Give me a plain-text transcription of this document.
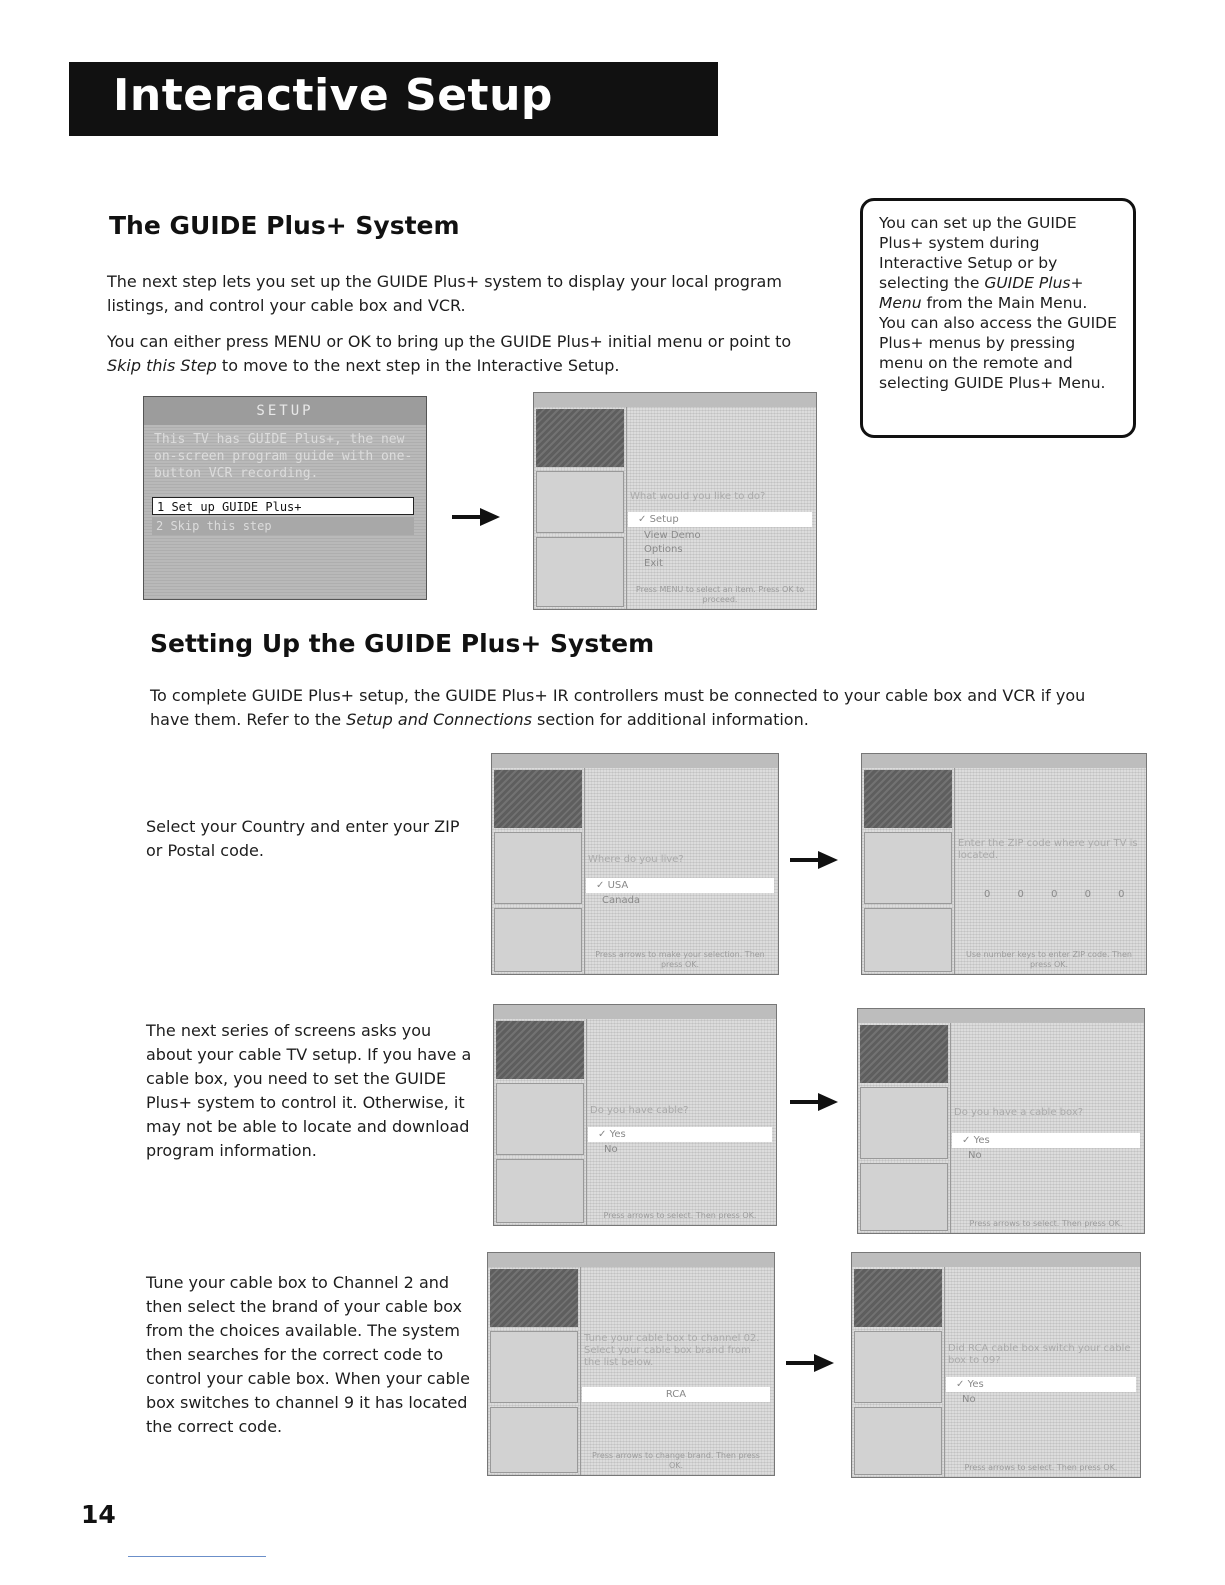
Interactive Setup
The GUIDE Plus+ System

The next step lets you set up the GUIDE Plus+ system to display your local program listings, and control your cable box and VCR.

You can either press MENU or OK to bring up the GUIDE Plus+ initial menu or point to Skip this Step to move to the next step in the Interactive Setup.

You can set up the GUIDE Plus+ system during Interactive Setup or by selecting the GUIDE Plus+ Menu from the Main Menu. You can also access the GUIDE Plus+ menus by pressing menu on the remote and selecting GUIDE Plus+ Menu.

SETUP
This TV has GUIDE Plus+, the new on-screen program guide with one-button VCR recording.
1 Set up GUIDE Plus+
2 Skip this step
What would you like to do?
✓ Setup
View Demo
Options
Exit
Press MENU to select an item. Press OK to proceed.
Setting Up the GUIDE Plus+ System

To complete GUIDE Plus+ setup, the GUIDE Plus+ IR controllers must be connected to your cable box and VCR if you have them. Refer to the Setup and Connections section for additional information.

Select your Country and enter your ZIP or Postal code.	Where do you live?
✓ USA
Canada
Press arrows to make your selection. Then press OK.
Enter the ZIP code where your TV is located.
0 0 0 0 0
Use number keys to enter ZIP code. Then press OK.

The next series of screens asks you about your cable TV setup. If you have a cable box, you need to set the GUIDE Plus+ system to control it. Otherwise, it may not be able to locate and download program information.

Do you have cable?
✓ Yes
No
Press arrows to select. Then press OK.
Do you have a cable box?
✓ Yes
No
Press arrows to select. Then press OK.

Tune your cable box to Channel 2 and then select the brand of your cable box from the choices available. The system then searches for the correct code to control your cable box. When your cable box switches to channel 9 it has located the correct code.

Tune your cable box to channel 02. Select your cable box brand from the list below.
RCA
Press arrows to change brand. Then press OK.
Did RCA cable box switch your cable box to 09?
✓ Yes
No
Press arrows to select. Then press OK.
14
